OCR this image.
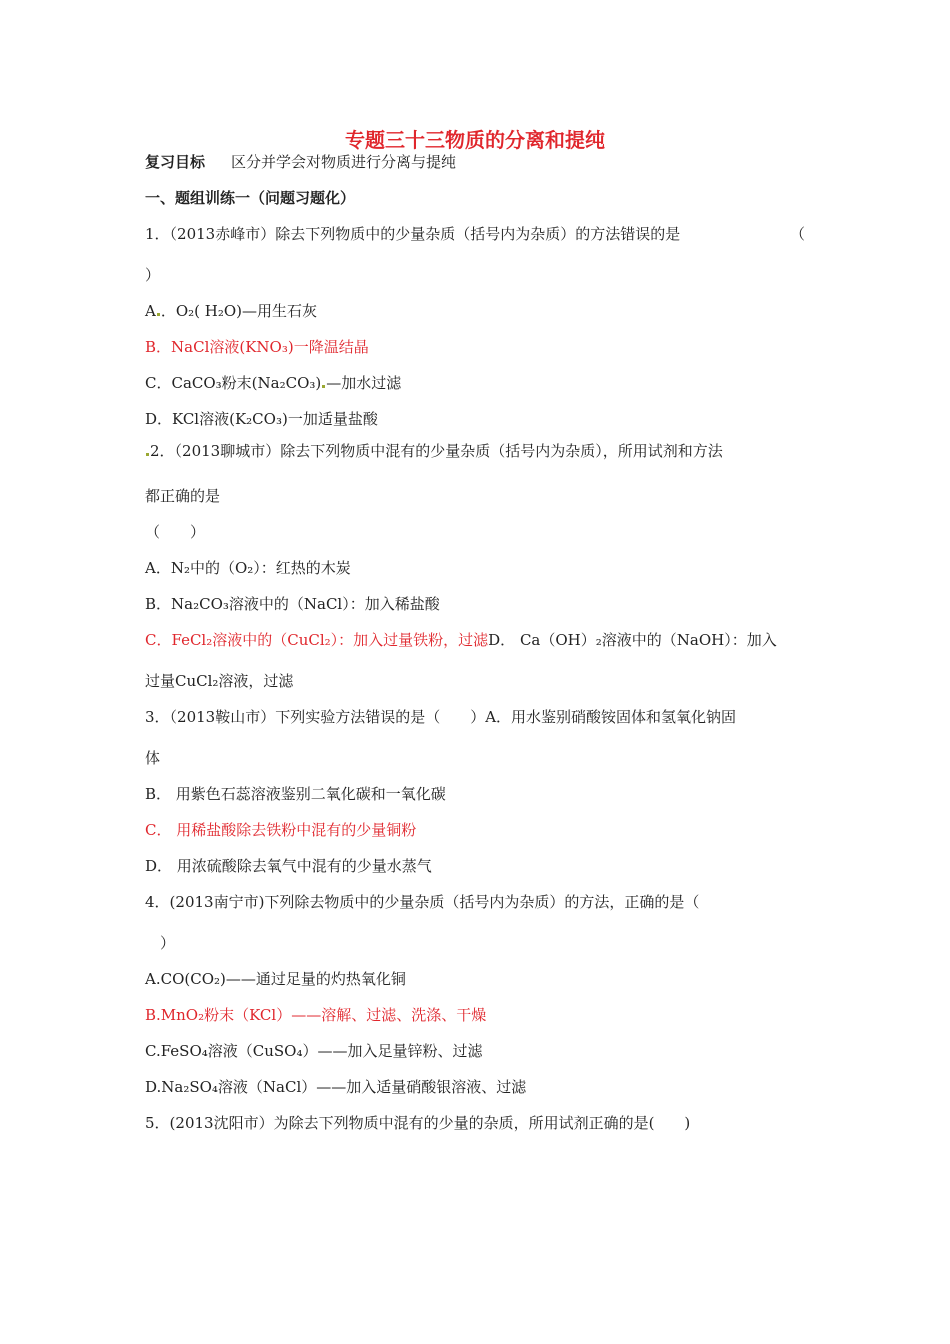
专题三十三物质的分离和提纯
复习目标 区分并学会对物质进行分离与提纯
一、题组训练一（问题习题化）
1．（2013赤峰市）除去下列物质中的少量杂质（括号内为杂质）的方法错误的是	（
）
A ．O₂( H₂O)—用生石灰
B．NaCl溶液(KNO₃)一降温结晶
C．CaCO₃粉末(Na₂CO₃) —加水过滤
D．KCl溶液(K₂CO₃)一加适量盐酸
2．（2013聊城市）除去下列物质中混有的少量杂质（括号内为杂质），所用试剂和方法
都正确的是
（　　）
A．N₂中的（O₂）：红热的木炭
B．Na₂CO₃溶液中的（NaCl）：加入稀盐酸
C．FeCl₂溶液中的（CuCl₂）：加入过量铁粉，过滤D． Ca（OH）₂溶液中的（NaOH）：加入
过量CuCl₂溶液，过滤
3．（2013鞍山市）下列实验方法错误的是（　　）A．用水鉴别硝酸铵固体和氢氧化钠固
体
B． 用紫色石蕊溶液鉴别二氧化碳和一氧化碳
C． 用稀盐酸除去铁粉中混有的少量铜粉
D． 用浓硫酸除去氧气中混有的少量水蒸气
4．(2013南宁市)下列除去物质中的少量杂质（括号内为杂质）的方法，正确的是（
）
A.CO(CO₂)——通过足量的灼热氧化铜
B.MnO₂粉末（KCl）——溶解、过滤、洗涤、干燥
C.FeSO₄溶液（CuSO₄）——加入足量锌粉、过滤
D.Na₂SO₄溶液（NaCl）——加入适量硝酸银溶液、过滤
5．(2013沈阳市）为除去下列物质中混有的少量的杂质，所用试剂正确的是(　　)
